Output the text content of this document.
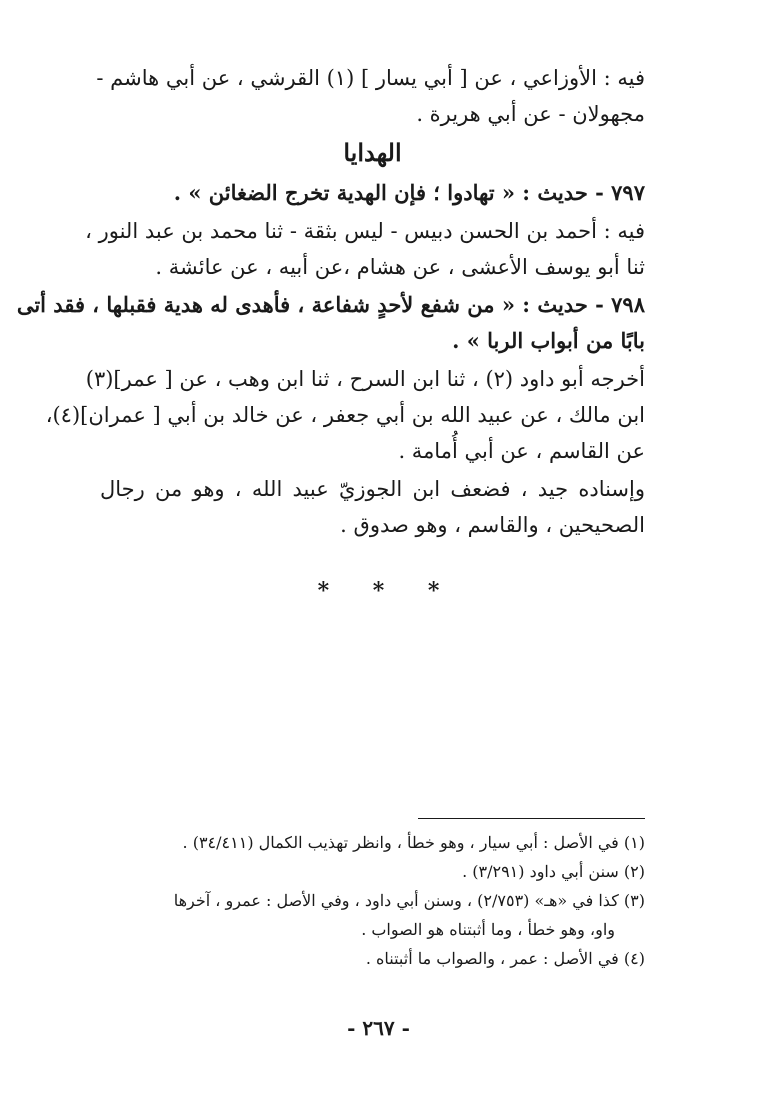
فيه : الأوزاعي ، عن [ أبي يسار ] (١) القرشي ، عن أبي هاشم -
مجهولان - عن أبي هريرة .
الهدايا
٧٩٧ - حديث : « تهادوا ؛ فإن الهدية تخرج الضغائن » .
فيه : أحمد بن الحسن دبيس - ليس بثقة - ثنا محمد بن عبد النور ،
ثنا أبو يوسف الأعشى ، عن هشام ،عن أبيه ، عن عائشة .
٧٩٨ - حديث : « من شفع لأحدٍ شفاعة ، فأهدى له هدية فقبلها ، فقد أتى
بابًا من أبواب الربا » .
أخرجه أبو داود (٢) ، ثنا ابن السرح ، ثنا ابن وهب ، عن [ عمر](٣)
ابن مالك ، عن عبيد الله بن أبي جعفر ، عن خالد بن أبي [ عمران](٤)،
عن القاسم ، عن أبي أُمامة .
وإسناده جيد ، فضعف ابن الجوزيّ عبيد الله ، وهو من رجال
الصحيحين ، والقاسم ، وهو صدوق .
* * *
(١) في الأصل : أبي سيار ، وهو خطأ ، وانظر تهذيب الكمال (٣٤/٤١١) .
(٢) سنن أبي داود (٣/٢٩١) .
(٣) كذا في «هـ» (٢/٧٥٣) ، وسنن أبي داود ، وفي الأصل : عمرو ، آخرها
واو، وهو خطأ ، وما أثبتناه هو الصواب .
(٤) في الأصل : عمر ، والصواب ما أثبتناه .
- ٢٦٧ -
